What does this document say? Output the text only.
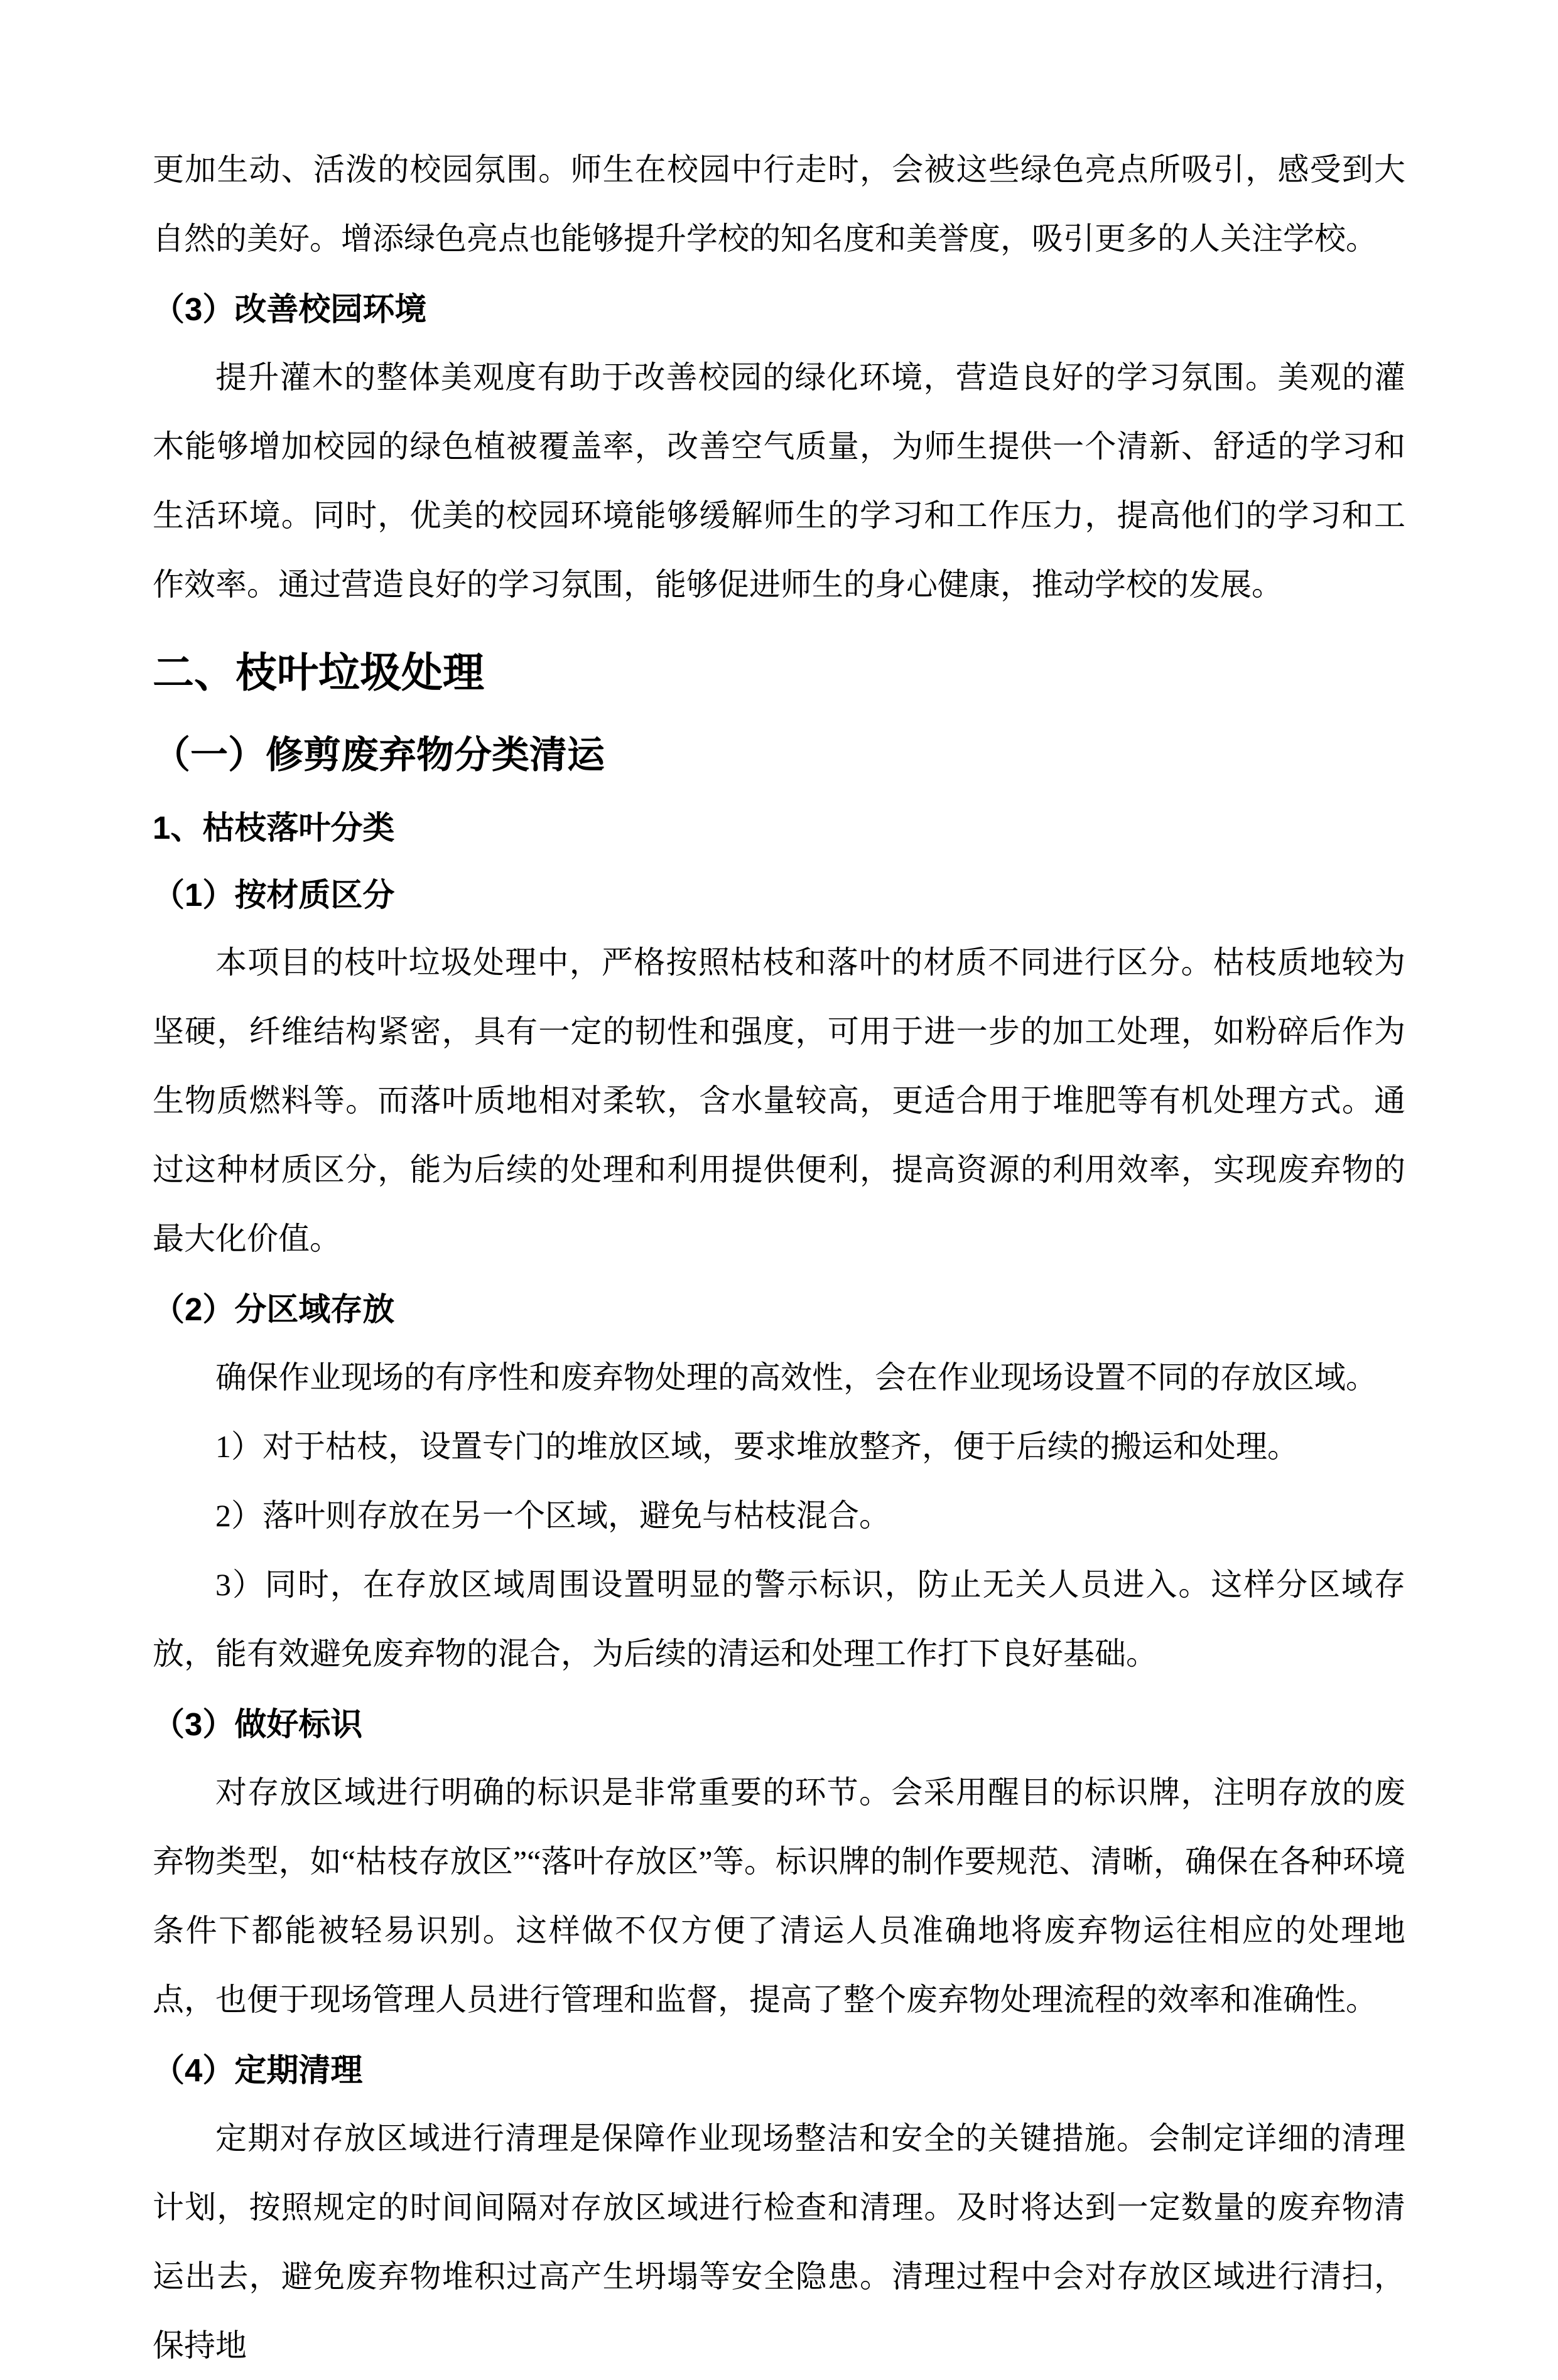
更加生动、活泼的校园氛围。师生在校园中行走时，会被这些绿色亮点所吸引，感受到大自然的美好。增添绿色亮点也能够提升学校的知名度和美誉度，吸引更多的人关注学校。

（3）改善校园环境

提升灌木的整体美观度有助于改善校园的绿化环境，营造良好的学习氛围。美观的灌木能够增加校园的绿色植被覆盖率，改善空气质量，为师生提供一个清新、舒适的学习和生活环境。同时，优美的校园环境能够缓解师生的学习和工作压力，提高他们的学习和工作效率。通过营造良好的学习氛围，能够促进师生的身心健康，推动学校的发展。

二、枝叶垃圾处理
（一）修剪废弃物分类清运
1、枯枝落叶分类
（1）按材质区分

本项目的枝叶垃圾处理中，严格按照枯枝和落叶的材质不同进行区分。枯枝质地较为坚硬，纤维结构紧密，具有一定的韧性和强度，可用于进一步的加工处理，如粉碎后作为生物质燃料等。而落叶质地相对柔软，含水量较高，更适合用于堆肥等有机处理方式。通过这种材质区分，能为后续的处理和利用提供便利，提高资源的利用效率，实现废弃物的最大化价值。

（2）分区域存放

确保作业现场的有序性和废弃物处理的高效性，会在作业现场设置不同的存放区域。

1）对于枯枝，设置专门的堆放区域，要求堆放整齐，便于后续的搬运和处理。

2）落叶则存放在另一个区域，避免与枯枝混合。

3）同时，在存放区域周围设置明显的警示标识，防止无关人员进入。这样分区域存放，能有效避免废弃物的混合，为后续的清运和处理工作打下良好基础。

（3）做好标识

对存放区域进行明确的标识是非常重要的环节。会采用醒目的标识牌，注明存放的废弃物类型，如“枯枝存放区”“落叶存放区”等。标识牌的制作要规范、清晰，确保在各种环境条件下都能被轻易识别。这样做不仅方便了清运人员准确地将废弃物运往相应的处理地点，也便于现场管理人员进行管理和监督，提高了整个废弃物处理流程的效率和准确性。

（4）定期清理

定期对存放区域进行清理是保障作业现场整洁和安全的关键措施。会制定详细的清理计划，按照规定的时间间隔对存放区域进行检查和清理。及时将达到一定数量的废弃物清运出去，避免废弃物堆积过高产生坍塌等安全隐患。清理过程中会对存放区域进行清扫，保持地
